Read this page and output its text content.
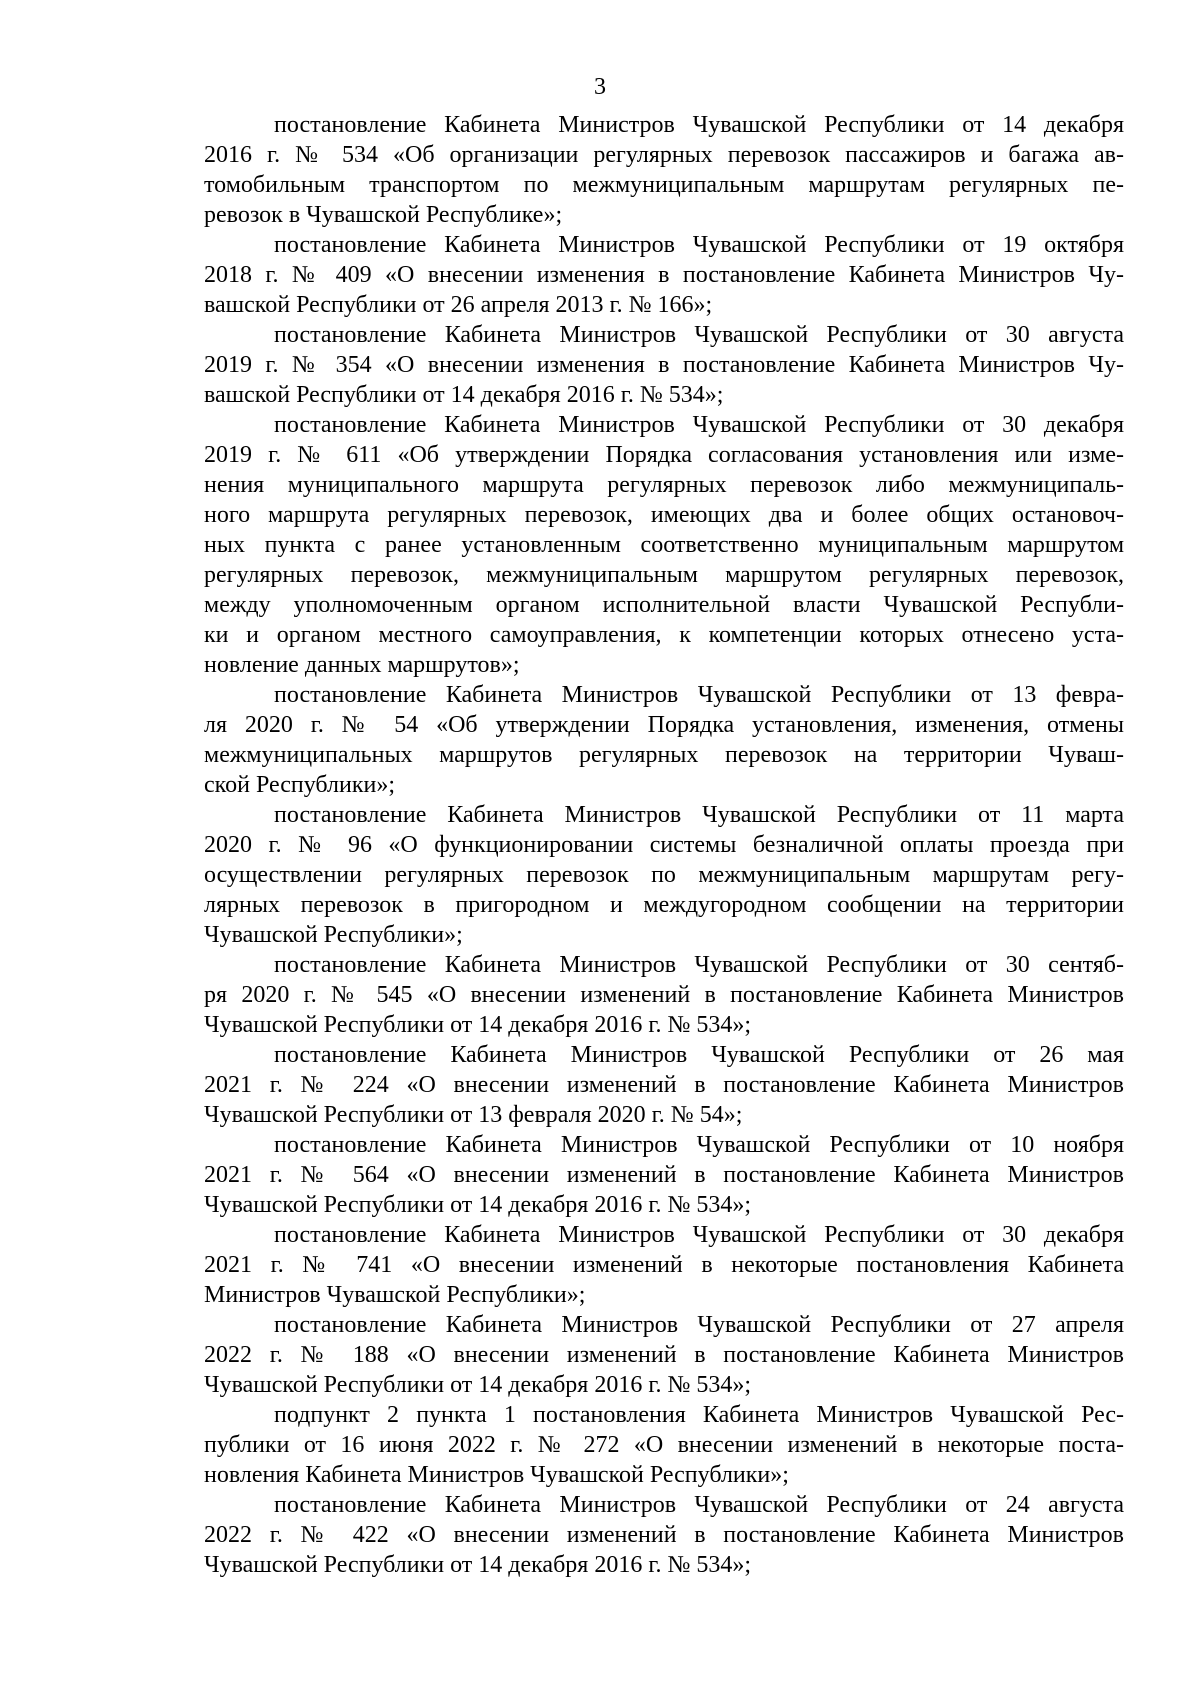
3

постановление Кабинета Министров Чувашской Республики от 14 декабря
2016 г. № 534 «Об организации регулярных перевозок пассажиров и багажа ав-
томобильным транспортом по межмуниципальным маршрутам регулярных пе-
ревозок в Чувашской Республике»;
постановление Кабинета Министров Чувашской Республики от 19 октября
2018 г. № 409 «О внесении изменения в постановление Кабинета Министров Чу-
вашской Республики от 26 апреля 2013 г. № 166»;
постановление Кабинета Министров Чувашской Республики от 30 августа
2019 г. № 354 «О внесении изменения в постановление Кабинета Министров Чу-
вашской Республики от 14 декабря 2016 г. № 534»;
постановление Кабинета Министров Чувашской Республики от 30 декабря
2019 г. № 611 «Об утверждении Порядка согласования установления или изме-
нения муниципального маршрута регулярных перевозок либо межмуниципаль-
ного маршрута регулярных перевозок, имеющих два и более общих остановоч-
ных пункта с ранее установленным соответственно муниципальным маршрутом
регулярных перевозок, межмуниципальным маршрутом регулярных перевозок,
между уполномоченным органом исполнительной власти Чувашской Республи-
ки и органом местного самоуправления, к компетенции которых отнесено уста-
новление данных маршрутов»;
постановление Кабинета Министров Чувашской Республики от 13 февра-
ля 2020 г. № 54 «Об утверждении Порядка установления, изменения, отмены
межмуниципальных маршрутов регулярных перевозок на территории Чуваш-
ской Республики»;
постановление Кабинета Министров Чувашской Республики от 11 марта
2020 г. № 96 «О функционировании системы безналичной оплаты проезда при
осуществлении регулярных перевозок по межмуниципальным маршрутам регу-
лярных перевозок в пригородном и междугородном сообщении на территории
Чувашской Республики»;
постановление Кабинета Министров Чувашской Республики от 30 сентяб-
ря 2020 г. № 545 «О внесении изменений в постановление Кабинета Министров
Чувашской Республики от 14 декабря 2016 г. № 534»;
постановление Кабинета Министров Чувашской Республики от 26 мая
2021 г. № 224 «О внесении изменений в постановление Кабинета Министров
Чувашской Республики от 13 февраля 2020 г. № 54»;
постановление Кабинета Министров Чувашской Республики от 10 ноября
2021 г. № 564 «О внесении изменений в постановление Кабинета Министров
Чувашской Республики от 14 декабря 2016 г. № 534»;
постановление Кабинета Министров Чувашской Республики от 30 декабря
2021 г. № 741 «О внесении изменений в некоторые постановления Кабинета
Министров Чувашской Республики»;
постановление Кабинета Министров Чувашской Республики от 27 апреля
2022 г. № 188 «О внесении изменений в постановление Кабинета Министров
Чувашской Республики от 14 декабря 2016 г. № 534»;
подпункт 2 пункта 1 постановления Кабинета Министров Чувашской Рес-
публики от 16 июня 2022 г. № 272 «О внесении изменений в некоторые поста-
новления Кабинета Министров Чувашской Республики»;
постановление Кабинета Министров Чувашской Республики от 24 августа
2022 г. № 422 «О внесении изменений в постановление Кабинета Министров
Чувашской Республики от 14 декабря 2016 г. № 534»;
